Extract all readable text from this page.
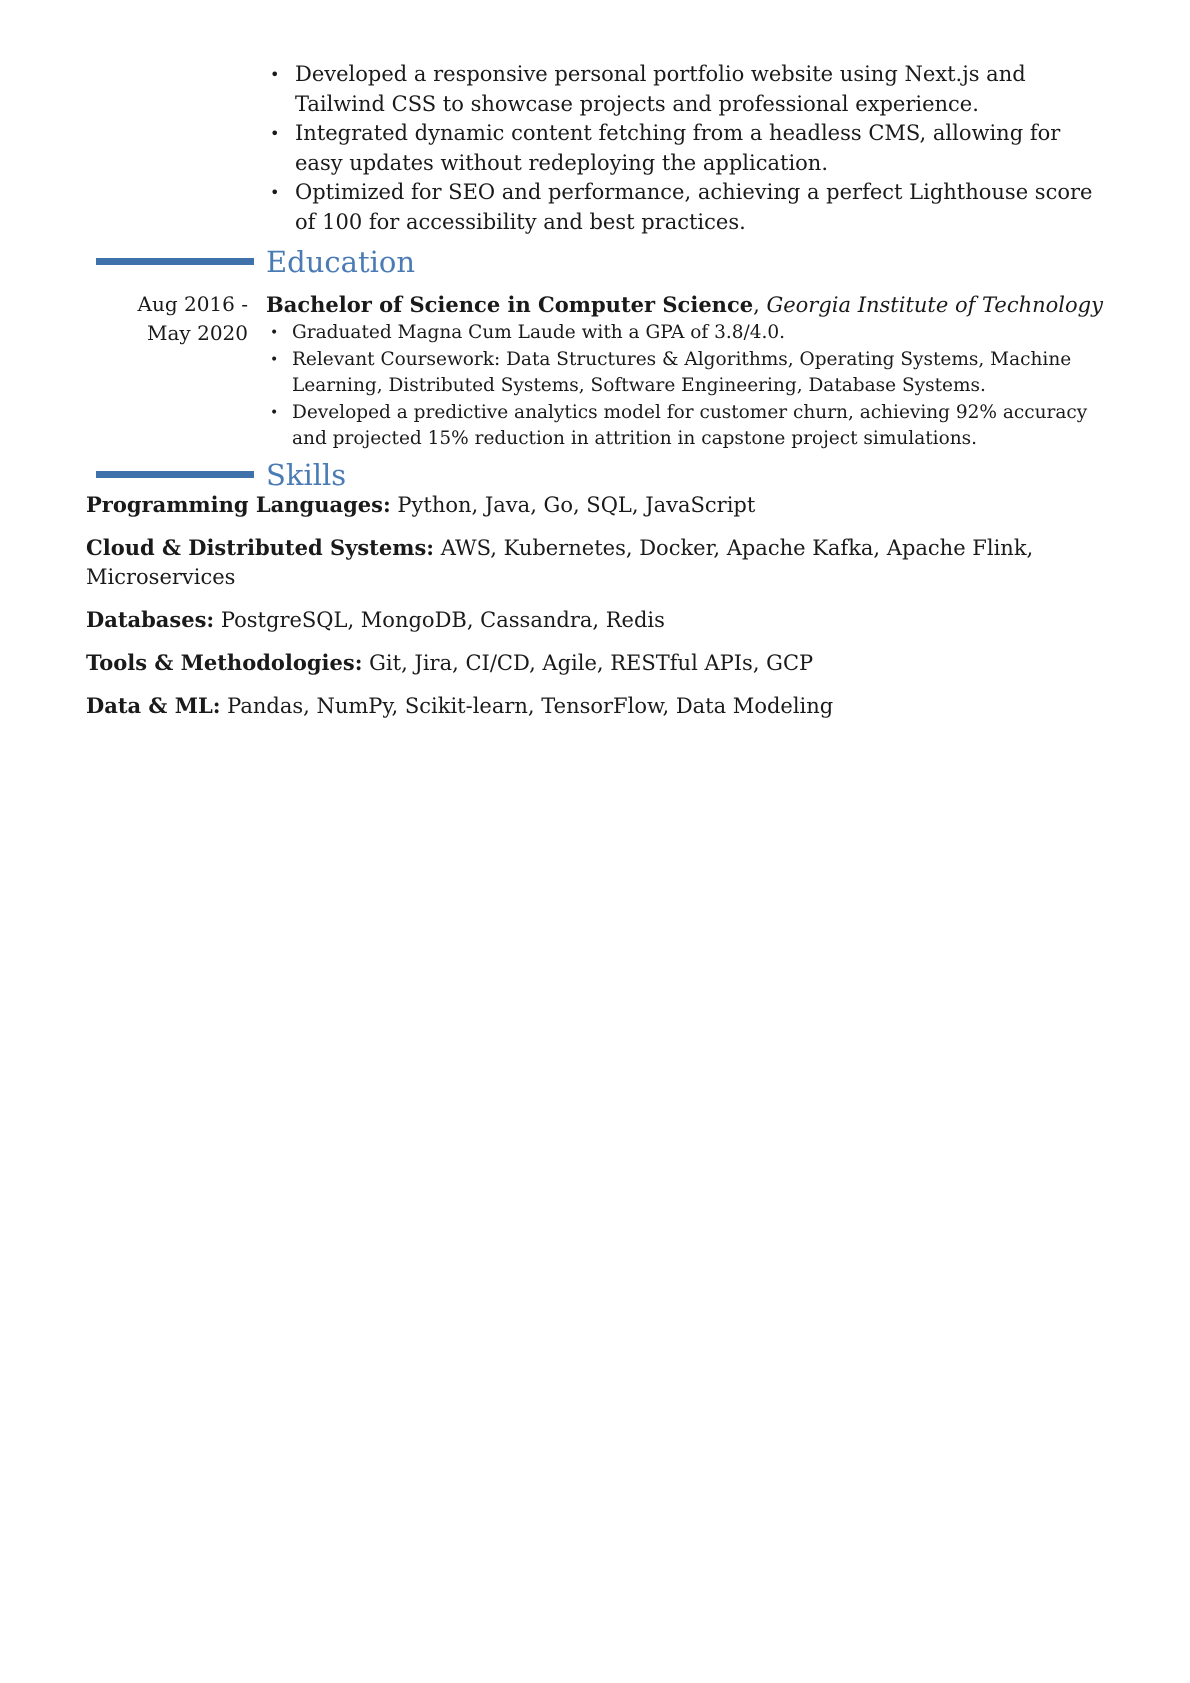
• Developed a responsive personal portfolio website using Next.js and Tailwind CSS to showcase projects and professional experience.
• Integrated dynamic content fetching from a headless CMS, allowing for easy updates without redeploying the application.
• Optimized for SEO and performance, achieving a perfect Lighthouse score of 100 for accessibility and best practices.
Education
Aug 2016 -
May 2020
Bachelor of Science in Computer Science, Georgia Institute of Technology
• Graduated Magna Cum Laude with a GPA of 3.8/4.0.
• Relevant Coursework: Data Structures & Algorithms, Operating Systems, Machine Learning, Distributed Systems, Software Engineering, Database Systems.
• Developed a predictive analytics model for customer churn, achieving 92% accuracy and projected 15% reduction in attrition in capstone project simulations.
Skills
Programming Languages: Python, Java, Go, SQL, JavaScript
Cloud & Distributed Systems: AWS, Kubernetes, Docker, Apache Kafka, Apache Flink, Microservices
Databases: PostgreSQL, MongoDB, Cassandra, Redis
Tools & Methodologies: Git, Jira, CI/CD, Agile, RESTful APIs, GCP
Data & ML: Pandas, NumPy, Scikit-learn, TensorFlow, Data Modeling
